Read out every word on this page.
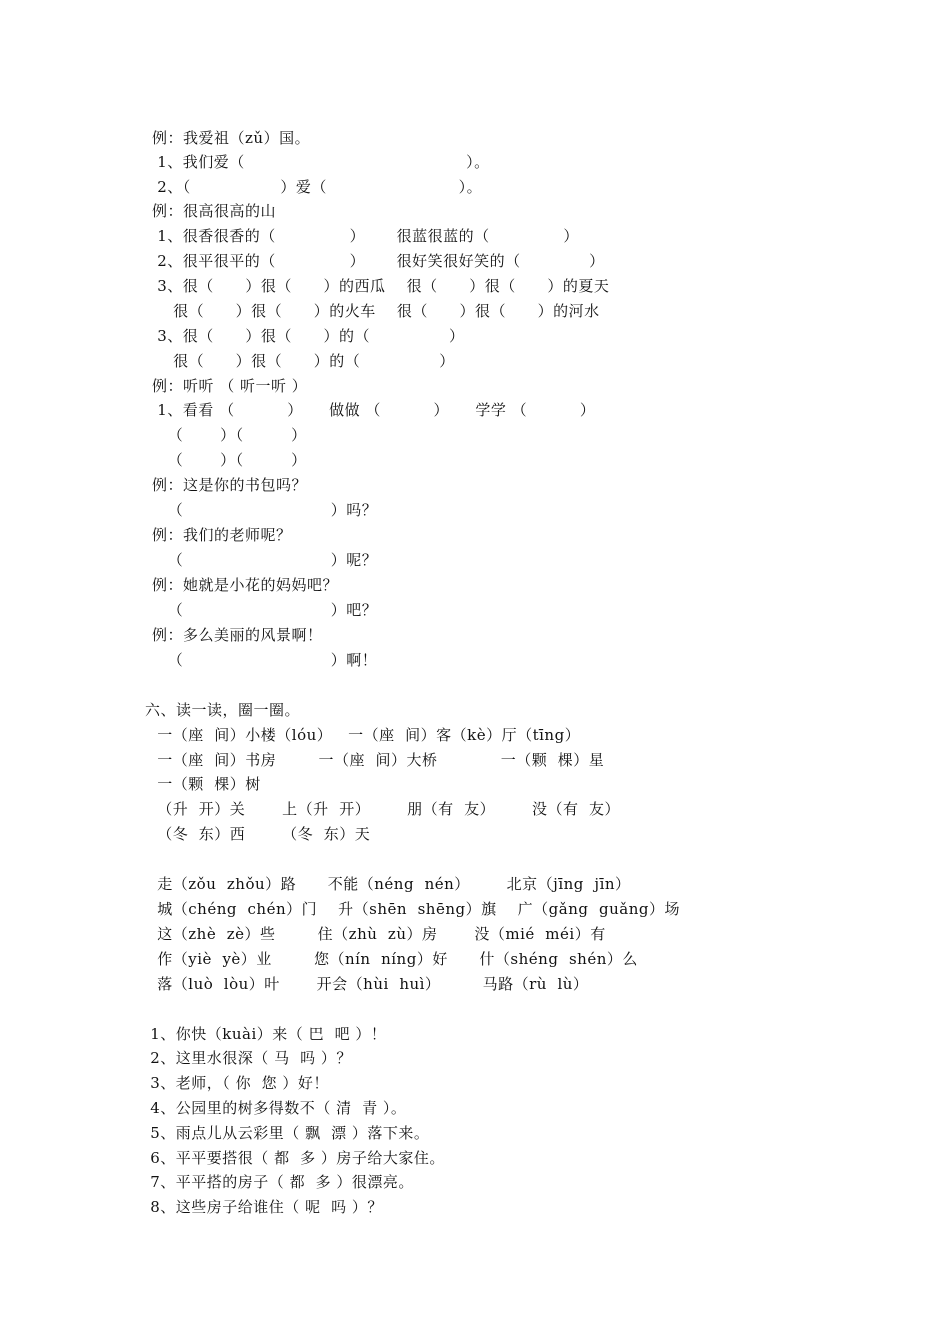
例：我爱祖（zǔ）国。
1、我们爱（                                          ）。
2、（                 ）爱（                         ）。
例：很高很高的山
1、很香很香的（              ）      很蓝很蓝的（              ）
2、很平很平的（              ）      很好笑很好笑的（             ）
3、很（      ）很（      ）的西瓜    很（      ）很（      ）的夏天
很（      ）很（      ）的火车    很（      ）很（      ）的河水
3、很（      ）很（      ）的（               ）
很（      ）很（      ）的（               ）
例：听听 （ 听一听 ）
1、看看 （          ）     做做 （          ）     学学 （          ）
（       ）（         ）
（       ）（         ）
例：这是你的书包吗？
（                            ）吗？
例：我们的老师呢？
（                            ）呢？
例：她就是小花的妈妈吧？
（                            ）吧？
例：多么美丽的风景啊！
（                            ）啊！
六、读一读，圈一圈。
一（座  间）小楼（lóu）   一（座  间）客（kè）厅（tīng）
一（座  间）书房        一（座  间）大桥            一（颗  棵）星
一（颗  棵）树
（升  开）关       上（升  开）       朋（有  友）       没（有  友）
（冬  东）西       （冬  东）天
走（zǒu  zhǒu）路      不能（néng  nén）       北京（jīng  jīn）
城（chéng  chén）门    升（shēn  shēng）旗    广（gǎng  guǎng）场
这（zhè  zè）些        住（zhù  zù）房       没（mié  méi）有
作（yiè  yè）业        您（nín  níng）好      什（shéng  shén）么
落（luò  lòu）叶       开会（hùi  huì）        马路（rù  lù）
1、你快（kuài）来（ 巴  吧 ）！
2、这里水很深（ 马  吗 ）？
3、老师，（ 你  您 ）好！
4、公园里的树多得数不（ 清  青 ）。
5、雨点儿从云彩里（ 飘  漂 ）落下来。
6、平平要搭很（ 都  多 ）房子给大家住。
7、平平搭的房子（ 都  多 ）很漂亮。
8、这些房子给谁住（ 呢  吗 ）？
